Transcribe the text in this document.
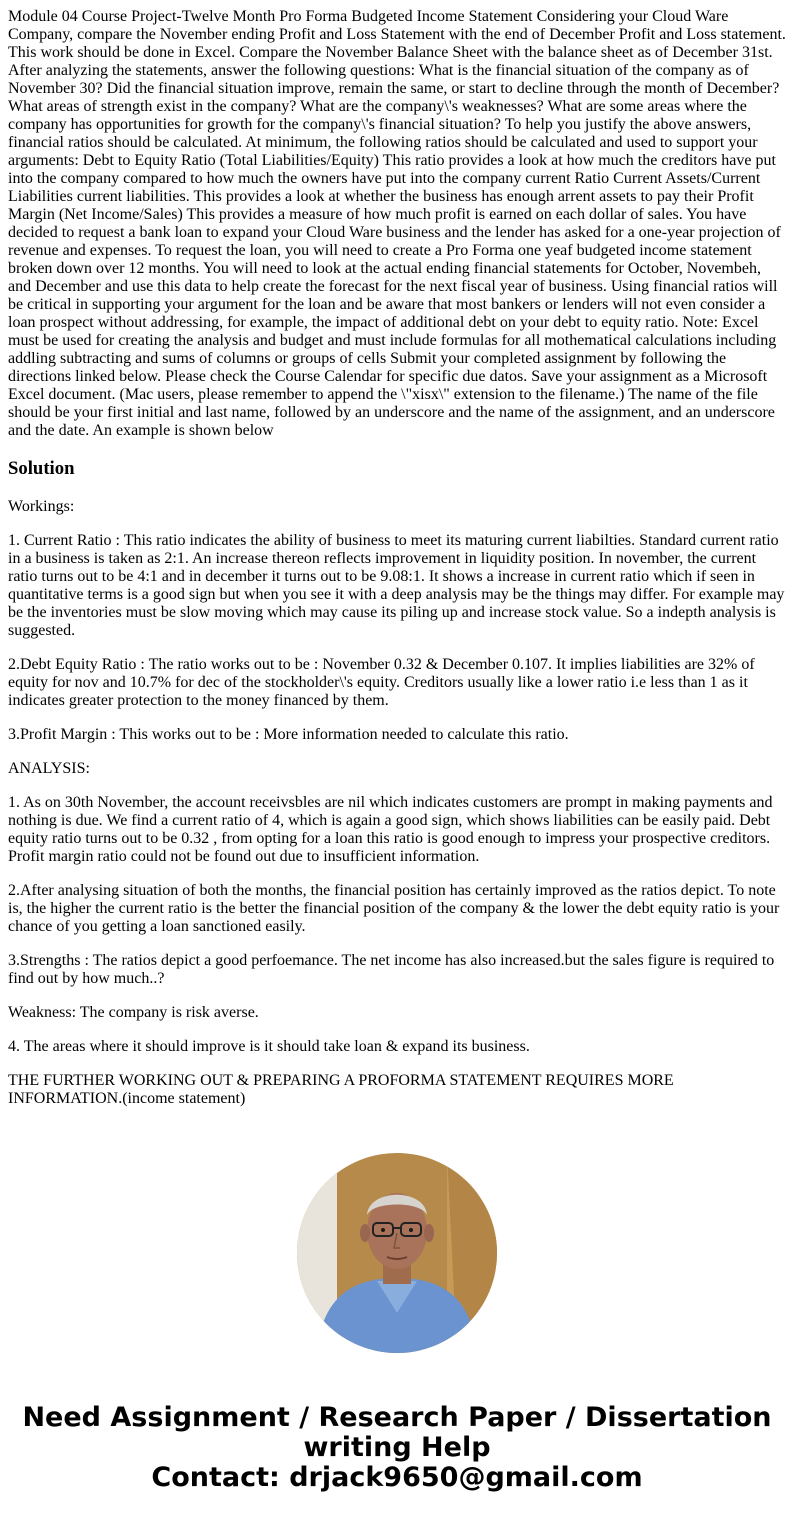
Module 04 Course Project-Twelve Month Pro Forma Budgeted Income Statement Considering your Cloud Ware Company, compare the November ending Profit and Loss Statement with the end of December Profit and Loss statement. This work should be done in Excel. Compare the November Balance Sheet with the balance sheet as of December 31st. After analyzing the statements, answer the following questions: What is the financial situation of the company as of November 30? Did the financial situation improve, remain the same, or start to decline through the month of December? What areas of strength exist in the company? What are the company\'s weaknesses? What are some areas where the company has opportunities for growth for the company\'s financial situation? To help you justify the above answers, financial ratios should be calculated. At minimum, the following ratios should be calculated and used to support your arguments: Debt to Equity Ratio (Total Liabilities/Equity) This ratio provides a look at how much the creditors have put into the company compared to how much the owners have put into the company current Ratio Current Assets/Current Liabilities current liabilities. This provides a look at whether the business has enough arrent assets to pay their Profit Margin (Net Income/Sales) This provides a measure of how much profit is earned on each dollar of sales. You have decided to request a bank loan to expand your Cloud Ware business and the lender has asked for a one-year projection of revenue and expenses. To request the loan, you will need to create a Pro Forma one yeaf budgeted income statement broken down over 12 months. You will need to look at the actual ending financial statements for October, Novembeh, and December and use this data to help create the forecast for the next fiscal year of business. Using financial ratios will be critical in supporting your argument for the loan and be aware that most bankers or lenders will not even consider a loan prospect without addressing, for example, the impact of additional debt on your debt to equity ratio. Note: Excel must be used for creating the analysis and budget and must include formulas for all mothematical calculations including addling subtracting and sums of columns or groups of cells Submit your completed assignment by following the directions linked below. Please check the Course Calendar for specific due datos. Save your assignment as a Microsoft Excel document. (Mac users, please remember to append the \"xisx\" extension to the filename.) The name of the file should be your first initial and last name, followed by an underscore and the name of the assignment, and an underscore and the date. An example is shown below

Solution

Workings:

1. Current Ratio : This ratio indicates the ability of business to meet its maturing current liabilties. Standard current ratio in a business is taken as 2:1. An increase thereon reflects improvement in liquidity position. In november, the current ratio turns out to be 4:1 and in december it turns out to be 9.08:1. It shows a increase in current ratio which if seen in quantitative terms is a good sign but when you see it with a deep analysis may be the things may differ. For example may be the inventories must be slow moving which may cause its piling up and increase stock value. So a indepth analysis is suggested.

2.Debt Equity Ratio : The ratio works out to be : November 0.32 & December 0.107. It implies liabilities are 32% of equity for nov and 10.7% for dec of the stockholder\'s equity. Creditors usually like a lower ratio i.e less than 1 as it indicates greater protection to the money financed by them.

3.Profit Margin : This works out to be : More information needed to calculate this ratio.

ANALYSIS:

1. As on 30th November, the account receivsbles are nil which indicates customers are prompt in making payments and nothing is due. We find a current ratio of 4, which is again a good sign, which shows liabilities can be easily paid. Debt equity ratio turns out to be 0.32 , from opting for a loan this ratio is good enough to impress your prospective creditors. Profit margin ratio could not be found out due to insufficient information.

2.After analysing situation of both the months, the financial position has certainly improved as the ratios depict. To note is, the higher the current ratio is the better the financial position of the company & the lower the debt equity ratio is your chance of you getting a loan sanctioned easily.

3.Strengths : The ratios depict a good perfoemance. The net income has also increased.but the sales figure is required to find out by how much..?

Weakness: The company is risk averse.

4. The areas where it should improve is it should take loan & expand its business.

THE FURTHER WORKING OUT & PREPARING A PROFORMA STATEMENT REQUIRES MORE INFORMATION.(income statement)

Need Assignment / Research Paper / Dissertation
writing Help
Contact: drjack9650@gmail.com
